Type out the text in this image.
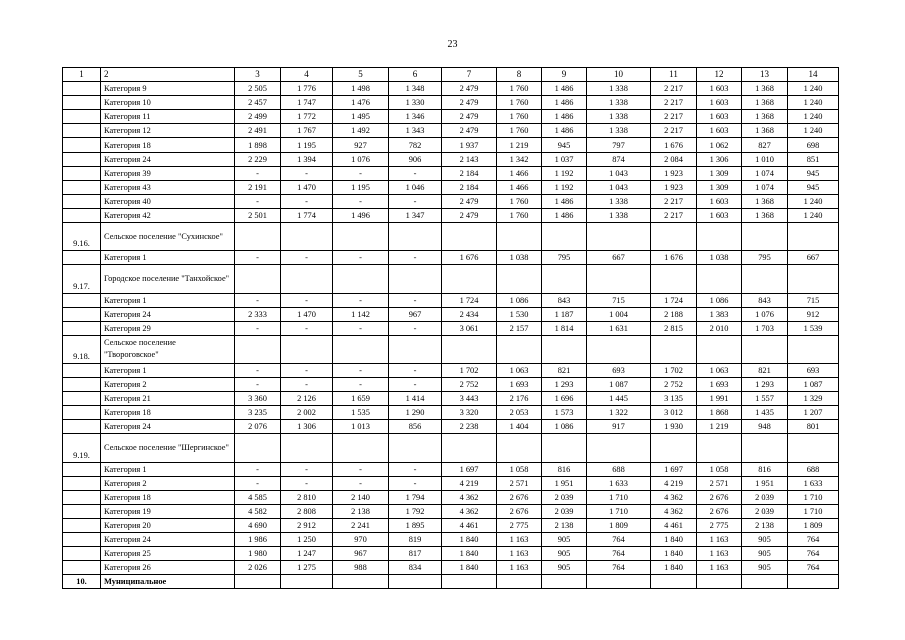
23
1	2	3	4	5	6	7	8	9	10	11	12	13	14
	Категория 9	2 505	1 776	1 498	1 348	2 479	1 760	1 486	1 338	2 217	1 603	1 368	1 240
	Категория 10	2 457	1 747	1 476	1 330	2 479	1 760	1 486	1 338	2 217	1 603	1 368	1 240
	Категория 11	2 499	1 772	1 495	1 346	2 479	1 760	1 486	1 338	2 217	1 603	1 368	1 240
	Категория 12	2 491	1 767	1 492	1 343	2 479	1 760	1 486	1 338	2 217	1 603	1 368	1 240
	Категория 18	1 898	1 195	927	782	1 937	1 219	945	797	1 676	1 062	827	698
	Категория 24	2 229	1 394	1 076	906	2 143	1 342	1 037	874	2 084	1 306	1 010	851
	Категория 39	-	-	-	-	2 184	1 466	1 192	1 043	1 923	1 309	1 074	945
	Категория 43	2 191	1 470	1 195	1 046	2 184	1 466	1 192	1 043	1 923	1 309	1 074	945
	Категория 40	-	-	-	-	2 479	1 760	1 486	1 338	2 217	1 603	1 368	1 240
	Категория 42	2 501	1 774	1 496	1 347	2 479	1 760	1 486	1 338	2 217	1 603	1 368	1 240
9.16.	Сельское поселение "Сухинское"												
	Категория 1	-	-	-	-	1 676	1 038	795	667	1 676	1 038	795	667
9.17.	Городское поселение "Танхойское"												
	Категория 1	-	-	-	-	1 724	1 086	843	715	1 724	1 086	843	715
	Категория 24	2 333	1 470	1 142	967	2 434	1 530	1 187	1 004	2 188	1 383	1 076	912
	Категория 29	-	-	-	-	3 061	2 157	1 814	1 631	2 815	2 010	1 703	1 539
9.18.	Сельское поселение "Твороговское"												
	Категория 1	-	-	-	-	1 702	1 063	821	693	1 702	1 063	821	693
	Категория 2	-	-	-	-	2 752	1 693	1 293	1 087	2 752	1 693	1 293	1 087
	Категория 21	3 360	2 126	1 659	1 414	3 443	2 176	1 696	1 445	3 135	1 991	1 557	1 329
	Категория 18	3 235	2 002	1 535	1 290	3 320	2 053	1 573	1 322	3 012	1 868	1 435	1 207
	Категория 24	2 076	1 306	1 013	856	2 238	1 404	1 086	917	1 930	1 219	948	801
9.19.	Сельское поселение "Шергинское"												
	Категория 1	-	-	-	-	1 697	1 058	816	688	1 697	1 058	816	688
	Категория 2	-	-	-	-	4 219	2 571	1 951	1 633	4 219	2 571	1 951	1 633
	Категория 18	4 585	2 810	2 140	1 794	4 362	2 676	2 039	1 710	4 362	2 676	2 039	1 710
	Категория 19	4 582	2 808	2 138	1 792	4 362	2 676	2 039	1 710	4 362	2 676	2 039	1 710
	Категория 20	4 690	2 912	2 241	1 895	4 461	2 775	2 138	1 809	4 461	2 775	2 138	1 809
	Категория 24	1 986	1 250	970	819	1 840	1 163	905	764	1 840	1 163	905	764
	Категория 25	1 980	1 247	967	817	1 840	1 163	905	764	1 840	1 163	905	764
	Категория 26	2 026	1 275	988	834	1 840	1 163	905	764	1 840	1 163	905	764
10.	Муниципальное												
